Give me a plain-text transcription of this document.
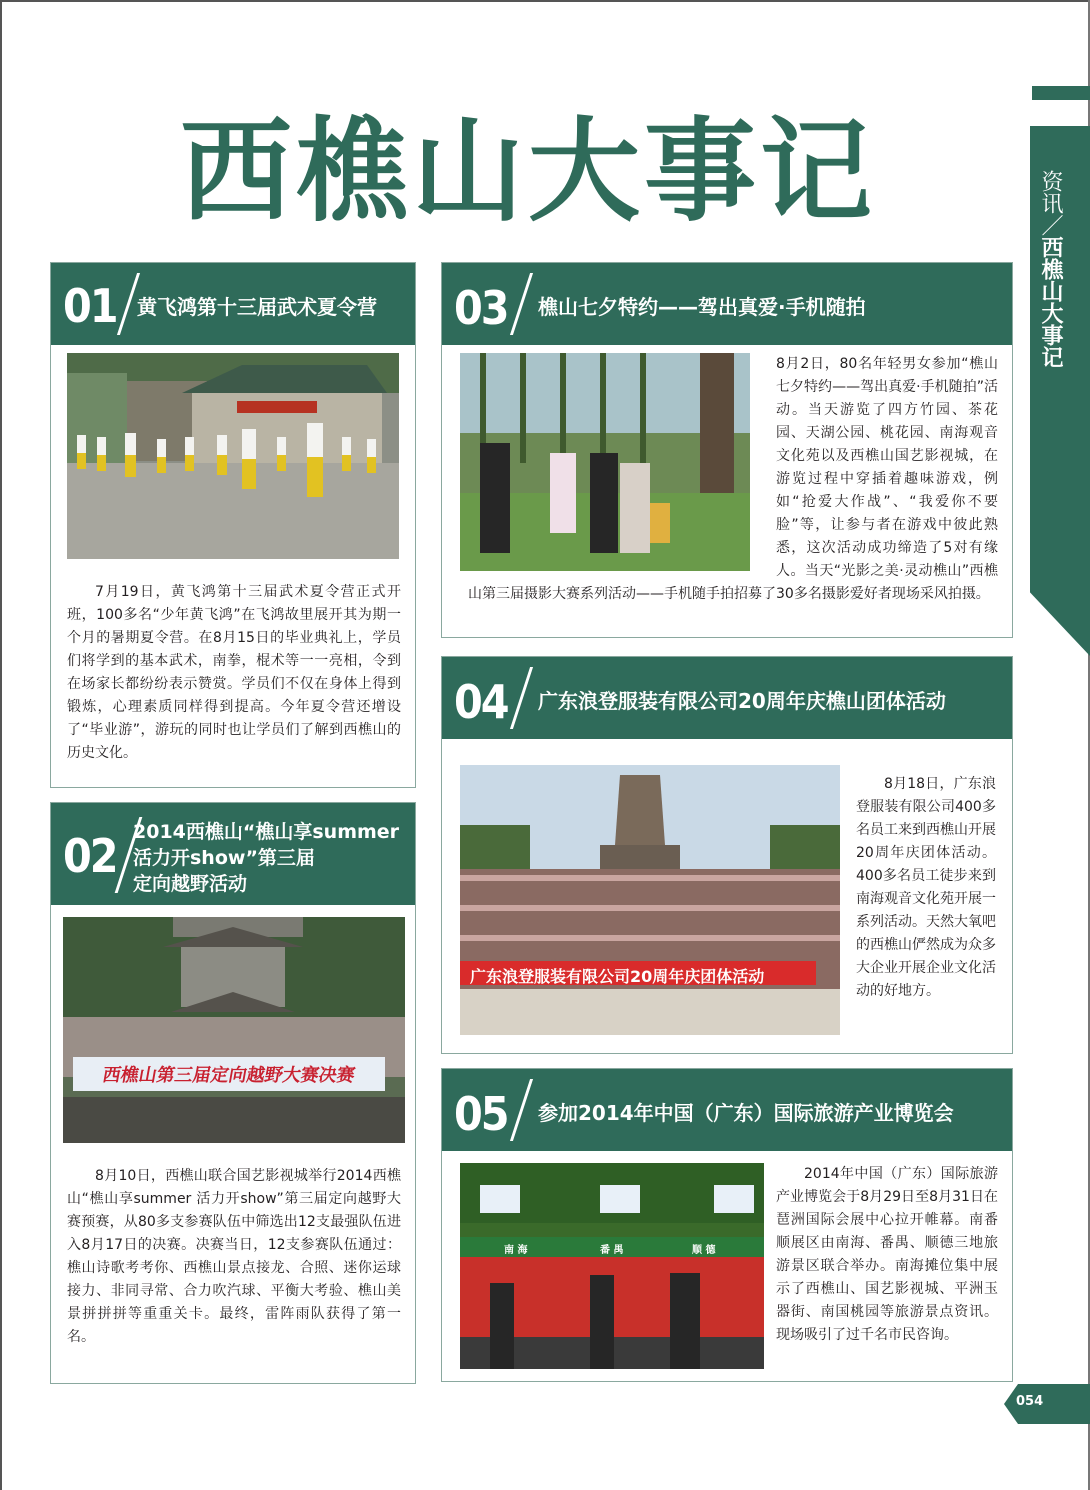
西樵山大事记	资讯／西樵山大事记
01 黄飞鸿第十三届武术夏令营
7月19日，黄飞鸿第十三届武术夏令营正式开班，100多名“少年黄飞鸿”在飞鸿故里展开其为期一个月的暑期夏令营。在8月15日的毕业典礼上，学员们将学到的基本武术，南拳，棍术等一一亮相，令到在场家长都纷纷表示赞赏。学员们不仅在身体上得到锻炼，心理素质同样得到提高。今年夏令营还增设了“毕业游”，游玩的同时也让学员们了解到西樵山的历史文化。
02 2014西樵山“樵山享summer
活力开show”第三届
定向越野活动
西樵山第三届定向越野大赛决赛
8月10日，西樵山联合国艺影视城举行2014西樵山“樵山享summer 活力开show”第三届定向越野大赛预赛，从80多支参赛队伍中筛选出12支最强队伍进入8月17日的决赛。决赛当日，12支参赛队伍通过：樵山诗歌考考你、西樵山景点接龙、合照、迷你运球接力、非同寻常、合力吹汽球、平衡大考验、樵山美景拼拼拼等重重关卡。最终，雷阵雨队获得了第一名。
03 樵山七夕特约——驾出真爱·手机随拍
8月2日，80名年轻男女参加“樵山七夕特约——驾出真爱·手机随拍”活动。当天游览了四方竹园、茶花园、天湖公园、桃花园、南海观音文化苑以及西樵山国艺影视城，在游览过程中穿插着趣味游戏，例如“抢爱大作战”、“我爱你不要脸”等，让参与者在游戏中彼此熟悉，这次活动成功缔造了5对有缘人。当天“光影之美·灵动樵山”西樵山第三届摄影大赛系列活动——手机随手拍招募了30多名摄影爱好者现场采风拍摄。
04 广东浪登服装有限公司20周年庆樵山团体活动
广东浪登服装有限公司20周年庆团体活动
8月18日，广东浪登服装有限公司400多名员工来到西樵山开展20周年庆团体活动。400多名员工徒步来到南海观音文化苑开展一系列活动。天然大氧吧的西樵山俨然成为众多大企业开展企业文化活动的好地方。
05 参加2014年中国（广东）国际旅游产业博览会
南 海	番 禺	顺 德
2014年中国（广东）国际旅游产业博览会于8月29日至8月31日在琶洲国际会展中心拉开帷幕。南番顺展区由南海、番禺、顺德三地旅游景区联合举办。南海摊位集中展示了西樵山、国艺影视城、平洲玉器街、南国桃园等旅游景点资讯。现场吸引了过千名市民咨询。
054
